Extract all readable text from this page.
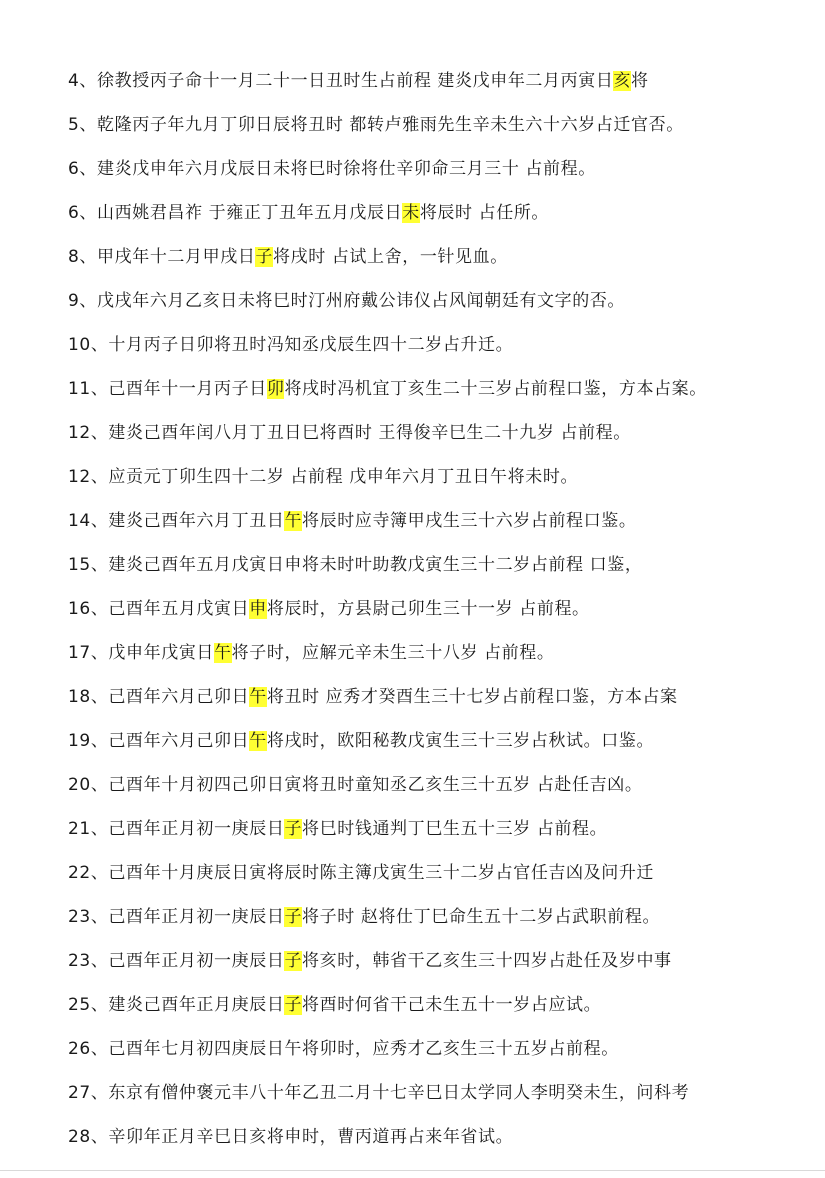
4、徐教授丙子命十一月二十一日丑时生占前程 建炎戊申年二月丙寅日亥将
5、乾隆丙子年九月丁卯日辰将丑时 都转卢雅雨先生辛未生六十六岁占迁官否。
6、建炎戊申年六月戊辰日未将巳时徐将仕辛卯命三月三十 占前程。
6、山西姚君昌祚 于雍正丁丑年五月戊辰日未将辰时 占任所。
8、甲戌年十二月甲戌日子将戌时 占试上舍，一针见血。
9、戊戌年六月乙亥日未将巳时汀州府戴公讳仪占风闻朝廷有文字的否。
10、十月丙子日卯将丑时冯知丞戊辰生四十二岁占升迁。
11、己酉年十一月丙子日卯将戌时冯机宜丁亥生二十三岁占前程口鉴，方本占案。
12、建炎己酉年闰八月丁丑日巳将酉时 王得俊辛巳生二十九岁 占前程。
12、应贡元丁卯生四十二岁 占前程 戊申年六月丁丑日午将未时。
14、建炎己酉年六月丁丑日午将辰时应寺簿甲戌生三十六岁占前程口鉴。
15、建炎己酉年五月戊寅日申将未时叶助教戊寅生三十二岁占前程 口鉴，
16、己酉年五月戊寅日申将辰时，方县尉己卯生三十一岁 占前程。
17、戊申年戊寅日午将子时，应解元辛未生三十八岁 占前程。
18、己酉年六月己卯日午将丑时 应秀才癸酉生三十七岁占前程口鉴，方本占案
19、己酉年六月己卯日午将戌时，欧阳秘教戊寅生三十三岁占秋试。口鉴。
20、己酉年十月初四己卯日寅将丑时童知丞乙亥生三十五岁 占赴任吉凶。
21、己酉年正月初一庚辰日子将巳时钱通判丁巳生五十三岁 占前程。
22、己酉年十月庚辰日寅将辰时陈主簿戊寅生三十二岁占官任吉凶及问升迁
23、己酉年正月初一庚辰日子将子时 赵将仕丁巳命生五十二岁占武职前程。
23、己酉年正月初一庚辰日子将亥时，韩省干乙亥生三十四岁占赴任及岁中事
25、建炎己酉年正月庚辰日子将酉时何省干己未生五十一岁占应试。
26、己酉年七月初四庚辰日午将卯时，应秀才乙亥生三十五岁占前程。
27、东京有僧仲褒元丰八十年乙丑二月十七辛巳日太学同人李明癸未生，问科考
28、辛卯年正月辛巳日亥将申时，曹丙道再占来年省试。
